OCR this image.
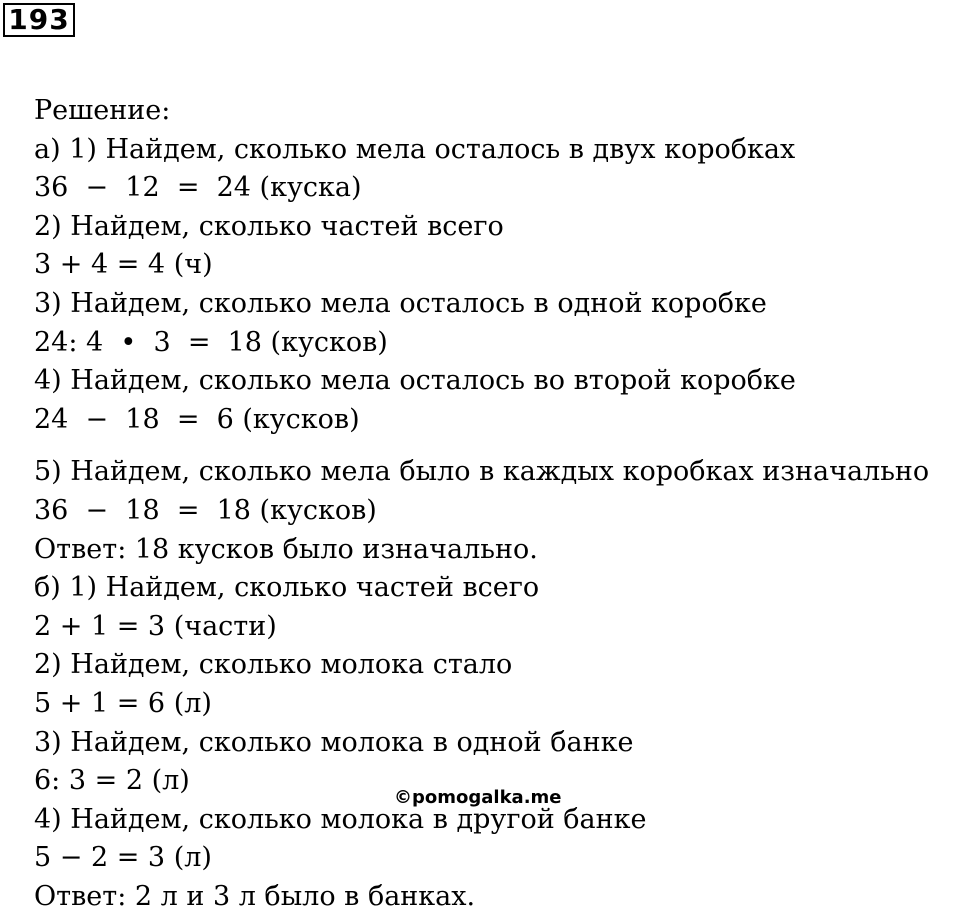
193
Решение:
а) 1) Найдем, сколько мела осталось в двух коробках
36  −  12  =  24 (куска)
2) Найдем, сколько частей всего
3 + 4 = 4 (ч)
3) Найдем, сколько мела осталось в одной коробке
24: 4  •  3  =  18 (кусков)
4) Найдем, сколько мела осталось во второй коробке
24  −  18  =  6 (кусков)
5) Найдем, сколько мела было в каждых коробках изначально
36  −  18  =  18 (кусков)
Ответ: 18 кусков было изначально.
б) 1) Найдем, сколько частей всего
2 + 1 = 3 (части)
2) Найдем, сколько молока стало
5 + 1 = 6 (л)
3) Найдем, сколько молока в одной банке
6: 3 = 2 (л)
4) Найдем, сколько молока в другой банке
5 − 2 = 3 (л)
Ответ: 2 л и 3 л было в банках.
©pomogalka.me
